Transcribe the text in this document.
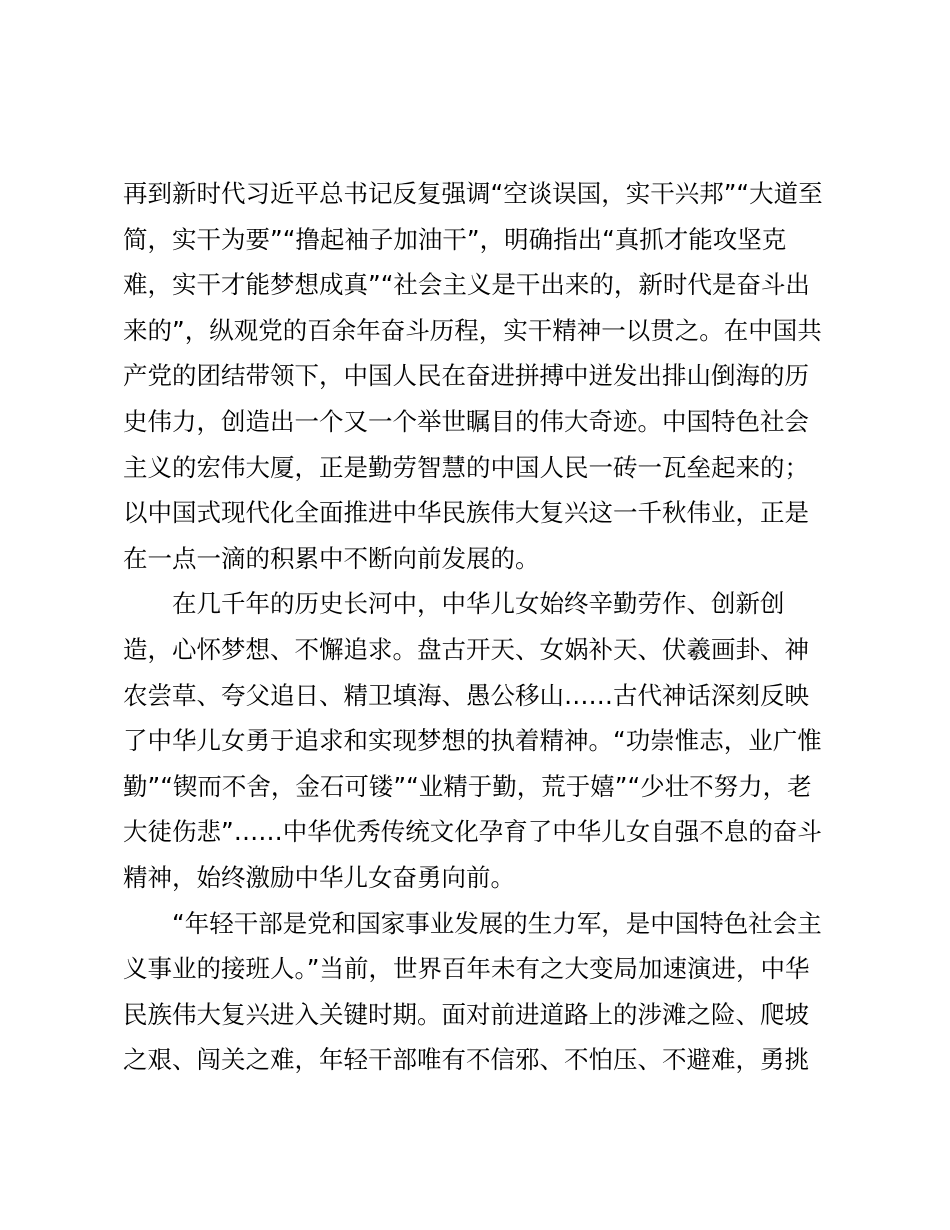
再到新时代习近平总书记反复强调“空谈误国，实干兴邦”“大道至
简，实干为要”“撸起袖子加油干”，明确指出“真抓才能攻坚克
难，实干才能梦想成真”“社会主义是干出来的，新时代是奋斗出
来的”，纵观党的百余年奋斗历程，实干精神一以贯之。在中国共
产党的团结带领下，中国人民在奋进拼搏中迸发出排山倒海的历
史伟力，创造出一个又一个举世瞩目的伟大奇迹。中国特色社会
主义的宏伟大厦，正是勤劳智慧的中国人民一砖一瓦垒起来的；
以中国式现代化全面推进中华民族伟大复兴这一千秋伟业，正是
在一点一滴的积累中不断向前发展的。
在几千年的历史长河中，中华儿女始终辛勤劳作、创新创
造，心怀梦想、不懈追求。盘古开天、女娲补天、伏羲画卦、神
农尝草、夸父追日、精卫填海、愚公移山……古代神话深刻反映
了中华儿女勇于追求和实现梦想的执着精神。“功崇惟志，业广惟
勤”“锲而不舍，金石可镂”“业精于勤，荒于嬉”“少壮不努力，老
大徒伤悲”……中华优秀传统文化孕育了中华儿女自强不息的奋斗
精神，始终激励中华儿女奋勇向前。
“年轻干部是党和国家事业发展的生力军，是中国特色社会主
义事业的接班人。”当前，世界百年未有之大变局加速演进，中华
民族伟大复兴进入关键时期。面对前进道路上的涉滩之险、爬坡
之艰、闯关之难，年轻干部唯有不信邪、不怕压、不避难，勇挑
